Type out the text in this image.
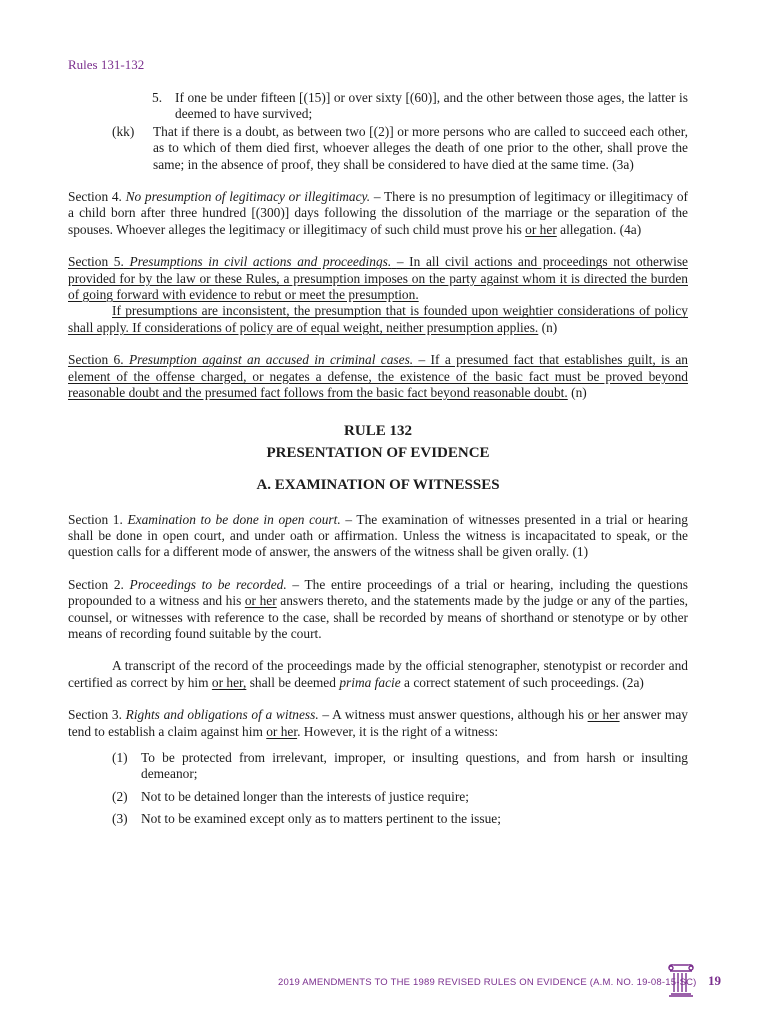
Rules 131-132
5. If one be under fifteen [(15)] or over sixty [(60)], and the other between those ages, the latter is deemed to have survived;
(kk)	That if there is a doubt, as between two [(2)] or more persons who are called to succeed each other, as to which of them died first, whoever alleges the death of one prior to the other, shall prove the same; in the absence of proof, they shall be considered to have died at the same time. (3a)

Section 4. No presumption of legitimacy or illegitimacy. – There is no presumption of legitimacy or illegitimacy of a child born after three hundred [(300)] days following the dissolution of the marriage or the separation of the spouses. Whoever alleges the legitimacy or illegitimacy of such child must prove his or her allegation. (4a)

Section 5. Presumptions in civil actions and proceedings. – In all civil actions and proceedings not otherwise provided for by the law or these Rules, a presumption imposes on the party against whom it is directed the burden of going forward with evidence to rebut or meet the presumption.

If presumptions are inconsistent, the presumption that is founded upon weightier considerations of policy shall apply. If considerations of policy are of equal weight, neither presumption applies. (n)

Section 6. Presumption against an accused in criminal cases. – If a presumed fact that establishes guilt, is an element of the offense charged, or negates a defense, the existence of the basic fact must be proved beyond reasonable doubt and the presumed fact follows from the basic fact beyond reasonable doubt. (n)

RULE 132

PRESENTATION OF EVIDENCE

A. EXAMINATION OF WITNESSES

Section 1. Examination to be done in open court. – The examination of witnesses presented in a trial or hearing shall be done in open court, and under oath or affirmation. Unless the witness is incapacitated to speak, or the question calls for a different mode of answer, the answers of the witness shall be given orally. (1)

Section 2. Proceedings to be recorded. – The entire proceedings of a trial or hearing, including the questions propounded to a witness and his or her answers thereto, and the statements made by the judge or any of the parties, counsel, or witnesses with reference to the case, shall be recorded by means of shorthand or stenotype or by other means of recording found suitable by the court.

A transcript of the record of the proceedings made by the official stenographer, stenotypist or recorder and certified as correct by him or her, shall be deemed prima facie a correct statement of such proceedings. (2a)

Section 3. Rights and obligations of a witness. – A witness must answer questions, although his or her answer may tend to establish a claim against him or her. However, it is the right of a witness:

(1) To be protected from irrelevant, improper, or insulting questions, and from harsh or insulting demeanor;
(2) Not to be detained longer than the interests of justice require;
(3) Not to be examined except only as to matters pertinent to the issue;
2019 AMENDMENTS TO THE 1989 REVISED RULES ON EVIDENCE (A.M. NO. 19-08-15-SC) 19
